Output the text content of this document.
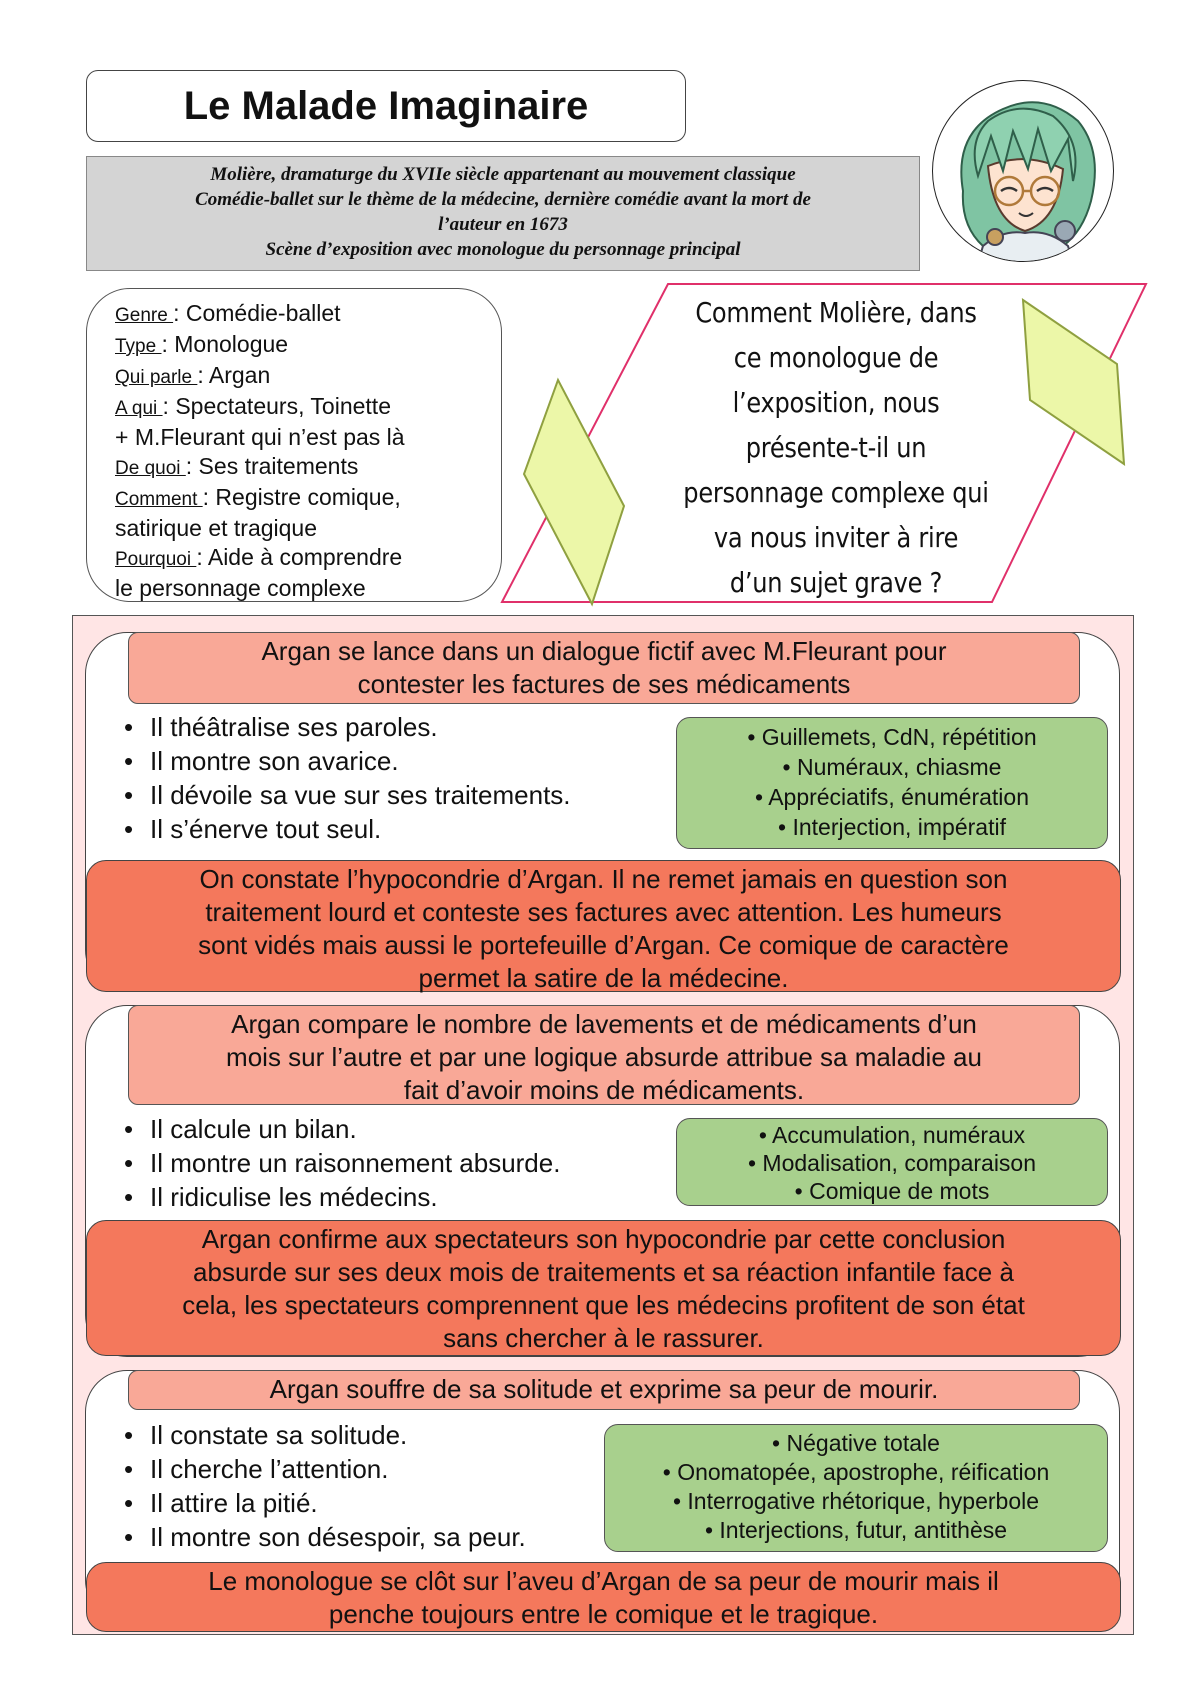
Le Malade Imaginaire
Molière, dramaturge du XVIIe siècle appartenant au mouvement classique
Comédie-ballet sur le thème de la médecine, dernière comédie avant la mort de
l’auteur en 1673
Scène d’exposition avec monologue du personnage principal
Genre : Comédie-ballet
Type : Monologue
Qui parle : Argan
A qui : Spectateurs, Toinette
+ M.Fleurant qui n’est pas là
De quoi : Ses traitements
Comment : Registre comique,
satirique et tragique
Pourquoi : Aide à comprendre
le personnage complexe
Comment Molière, dans
ce monologue de
l’exposition, nous
présente-t-il un
personnage complexe qui
va nous inviter à rire
d’un sujet grave ?
Argan se lance dans un dialogue fictif avec M.Fleurant pour
contester les factures de ses médicaments
• Il théâtralise ses paroles.
• Il montre son avarice.
• Il dévoile sa vue sur ses traitements.
• Il s’énerve tout seul.
• Guillemets, CdN, répétition
• Numéraux, chiasme
• Appréciatifs, énumération
• Interjection, impératif
On constate l’hypocondrie d’Argan. Il ne remet jamais en question son
traitement lourd et conteste ses factures avec attention. Les humeurs
sont vidés mais aussi le portefeuille d’Argan. Ce comique de caractère
permet la satire de la médecine.
Argan compare le nombre de lavements et de médicaments d’un
mois sur l’autre et par une logique absurde attribue sa maladie au
fait d’avoir moins de médicaments.
• Il calcule un bilan.
• Il montre un raisonnement absurde.
• Il ridiculise les médecins.
• Accumulation, numéraux
• Modalisation, comparaison
• Comique de mots
Argan confirme aux spectateurs son hypocondrie par cette conclusion
absurde sur ses deux mois de traitements et sa réaction infantile face à
cela, les spectateurs comprennent que les médecins profitent de son état
sans chercher à le rassurer.
Argan souffre de sa solitude et exprime sa peur de mourir.
• Il constate sa solitude.
• Il cherche l’attention.
• Il attire la pitié.
• Il montre son désespoir, sa peur.
• Négative totale
• Onomatopée, apostrophe, réification
• Interrogative rhétorique, hyperbole
• Interjections, futur, antithèse
Le monologue se clôt sur l’aveu d’Argan de sa peur de mourir mais il
penche toujours entre le comique et le tragique.
